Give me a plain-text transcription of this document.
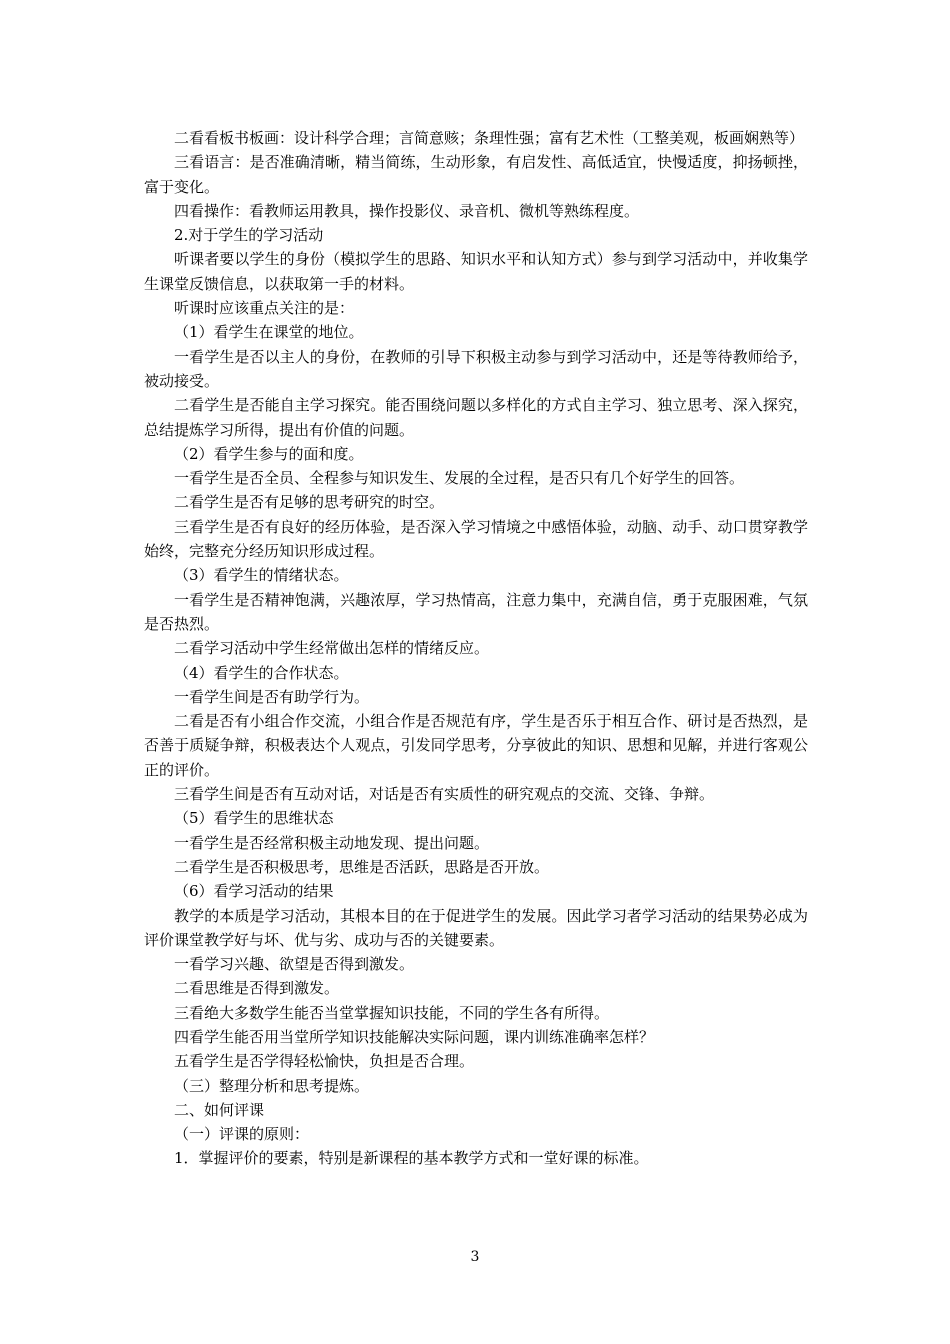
二看看板书板画：设计科学合理；言简意赅；条理性强；富有艺术性（工整美观，板画娴熟等）

三看语言：是否准确清晰，精当简练，生动形象，有启发性、高低适宜，快慢适度，抑扬顿挫，富于变化。

四看操作：看教师运用教具，操作投影仪、录音机、微机等熟练程度。

2.对于学生的学习活动

听课者要以学生的身份（模拟学生的思路、知识水平和认知方式）参与到学习活动中，并收集学生课堂反馈信息，以获取第一手的材料。

听课时应该重点关注的是：

（1）看学生在课堂的地位。

一看学生是否以主人的身份，在教师的引导下积极主动参与到学习活动中，还是等待教师给予，被动接受。

二看学生是否能自主学习探究。能否围绕问题以多样化的方式自主学习、独立思考、深入探究，总结提炼学习所得，提出有价值的问题。

（2）看学生参与的面和度。

一看学生是否全员、全程参与知识发生、发展的全过程，是否只有几个好学生的回答。

二看学生是否有足够的思考研究的时空。

三看学生是否有良好的经历体验，是否深入学习情境之中感悟体验，动脑、动手、动口贯穿教学始终，完整充分经历知识形成过程。

（3）看学生的情绪状态。

一看学生是否精神饱满，兴趣浓厚，学习热情高，注意力集中，充满自信，勇于克服困难，气氛是否热烈。

二看学习活动中学生经常做出怎样的情绪反应。

（4）看学生的合作状态。

一看学生间是否有助学行为。

二看是否有小组合作交流，小组合作是否规范有序，学生是否乐于相互合作、研讨是否热烈，是否善于质疑争辩，积极表达个人观点，引发同学思考，分享彼此的知识、思想和见解，并进行客观公正的评价。

三看学生间是否有互动对话，对话是否有实质性的研究观点的交流、交锋、争辩。

（5）看学生的思维状态

一看学生是否经常积极主动地发现、提出问题。

二看学生是否积极思考，思维是否活跃，思路是否开放。

（6）看学习活动的结果

教学的本质是学习活动，其根本目的在于促进学生的发展。因此学习者学习活动的结果势必成为评价课堂教学好与坏、优与劣、成功与否的关键要素。

一看学习兴趣、欲望是否得到激发。

二看思维是否得到激发。

三看绝大多数学生能否当堂掌握知识技能，不同的学生各有所得。

四看学生能否用当堂所学知识技能解决实际问题，课内训练准确率怎样？

五看学生是否学得轻松愉快，负担是否合理。

（三）整理分析和思考提炼。

二、如何评课

（一）评课的原则：

1．掌握评价的要素，特别是新课程的基本教学方式和一堂好课的标准。

3
